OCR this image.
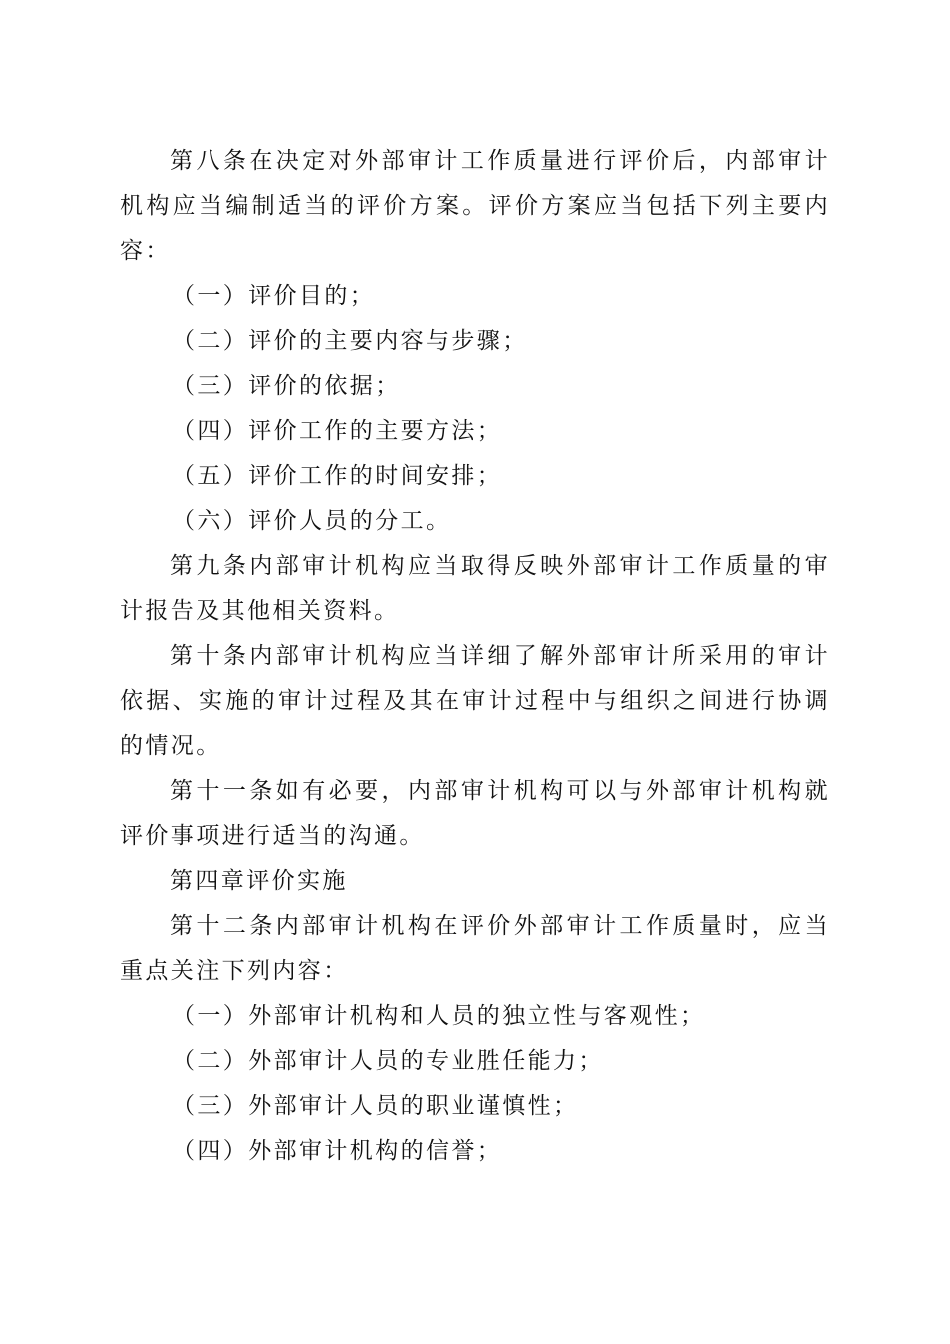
第八条在决定对外部审计工作质量进行评价后，内部审计机构应当编制适当的评价方案。评价方案应当包括下列主要内容：

（一）评价目的；

（二）评价的主要内容与步骤；

（三）评价的依据；

（四）评价工作的主要方法；

（五）评价工作的时间安排；

（六）评价人员的分工。

第九条内部审计机构应当取得反映外部审计工作质量的审计报告及其他相关资料。

第十条内部审计机构应当详细了解外部审计所采用的审计依据、实施的审计过程及其在审计过程中与组织之间进行协调的情况。

第十一条如有必要，内部审计机构可以与外部审计机构就评价事项进行适当的沟通。

第四章评价实施

第十二条内部审计机构在评价外部审计工作质量时，应当重点关注下列内容：

（一）外部审计机构和人员的独立性与客观性；

（二）外部审计人员的专业胜任能力；

（三）外部审计人员的职业谨慎性；

（四）外部审计机构的信誉；
